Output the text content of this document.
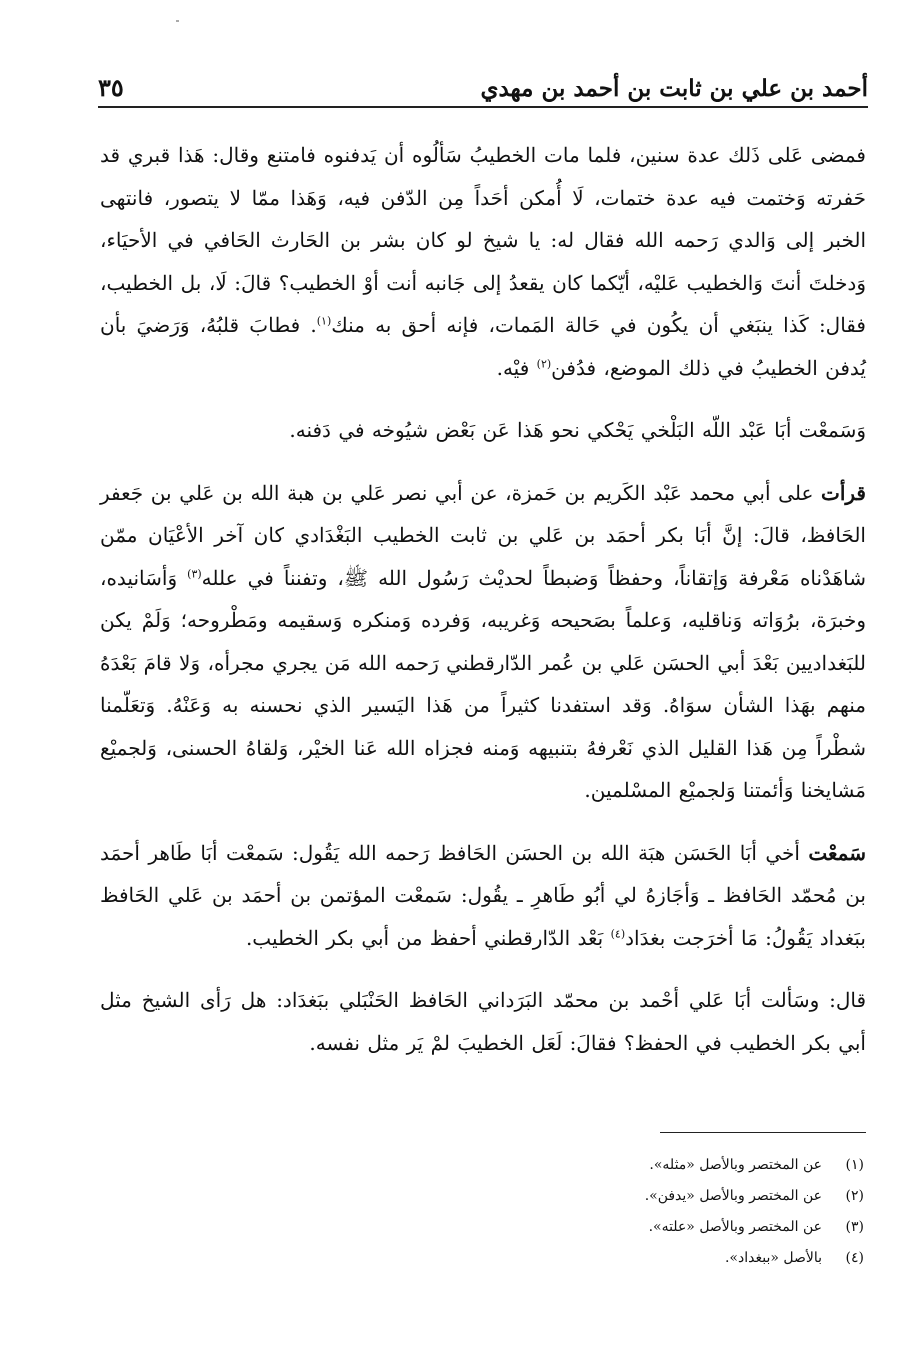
أحمد بن علي بن ثابت بن أحمد بن مهدي
٣٥

فمضى عَلى ذَلك عدة سنين، فلما مات الخطيبُ سَألُوه أن يَدفنوه فامتنع وقال: هَذا قبري قد حَفرته وَختمت فيه عدة ختمات، لَا أُمكن أحَداً مِن الدّفن فيه، وَهَذا ممّا لا يتصور، فانتهى الخبر إلى وَالدي رَحمه الله فقال له: يا شيخ لو كان بشر بن الحَارث الحَافي في الأحيَاء، وَدخلتَ أنتَ وَالخطيب عَليْه، أيّكما كان يقعدُ إلى جَانبه أنت أوْ الخطيب؟ قالَ: لَا، بل الخطيب، فقال: كَذا ينبَغي أن يكُون في حَالة المَمات، فإنه أحق به منك$^{(١)}$. فطابَ قلبُهُ، وَرَضيَ بأن يُدفن الخطيبُ في ذلك الموضع، فدُفن$^{(٢)}$ فيْه.

وَسَمعْت أبَا عَبْد اللّه البَلْخي يَحْكي نحو هَذا عَن بَعْض شيُوخه في دَفنه.

قرأت على أبي محمد عَبْد الكَريم بن حَمزة، عن أبي نصر عَلي بن هبة الله بن عَلي بن جَعفر الحَافظ، قالَ: إنَّ أبَا بكر أحمَد بن عَلي بن ثابت الخطيب البَغْدَادي كان آخر الأعْيَان ممّن شاهَدْناه مَعْرفة وَإتقاناً، وحفظاً وَضبطاً لحديْث رَسُول الله ﷺ، وتفنناً في علله$^{(٣)}$ وَأسَانيده، وخبرَة، برُوَاته وَناقليه، وَعلماً بصَحيحه وَغريبه، وَفرده وَمنكره وَسقيمه ومَطْروحه؛ وَلَمْ يكن للبَغداديين بَعْدَ أبي الحسَن عَلي بن عُمر الدّارقطني رَحمه الله مَن يجري مجرأه، وَلا قامَ بَعْدَهُ منهم بهَذا الشأن سوَاهُ. وَقد استفدنا كثيراً من هَذا اليَسير الذي نحسنه به وَعَنْهُ. وَتعَلّمنا شطْراً مِن هَذا القليل الذي نَعْرفهُ بتنبيهه وَمنه فجزاه الله عَنا الخيْر، وَلقاهُ الحسنى، وَلجميْع مَشايخنا وَأئمتنا وَلجميْع المسْلمين.

سَمعْت أخي أبَا الحَسَن هبَة الله بن الحسَن الحَافظ رَحمه الله يَقُول: سَمعْت أبَا طَاهر أحمَد بن مُحمّد الحَافظ ـ وَأجَازهُ لي أبُو طَاهرِ ـ يقُول: سَمعْت المؤتمن بن أحمَد بن عَلي الحَافظ ببَغداد يَقُولُ: مَا أخرَجت بغدَاد$^{(٤)}$ بَعْد الدّارقطني أحفظ من أبي بكر الخطيب.

قال: وسَألت أبَا عَلي أحْمد بن محمّد البَرَداني الحَافظ الحَنْبَلي ببَغدَاد: هل رَأى الشيخ مثل أبي بكر الخطيب في الحفظ؟ فقالَ: لَعَل الخطيبَ لمْ يَر مثل نفسه.

(١)
عن المختصر وبالأصل «مثله».
(٢)
عن المختصر وبالأصل «يدفن».
(٣)
عن المختصر وبالأصل «علته».
(٤)
بالأصل «ببغداد».
